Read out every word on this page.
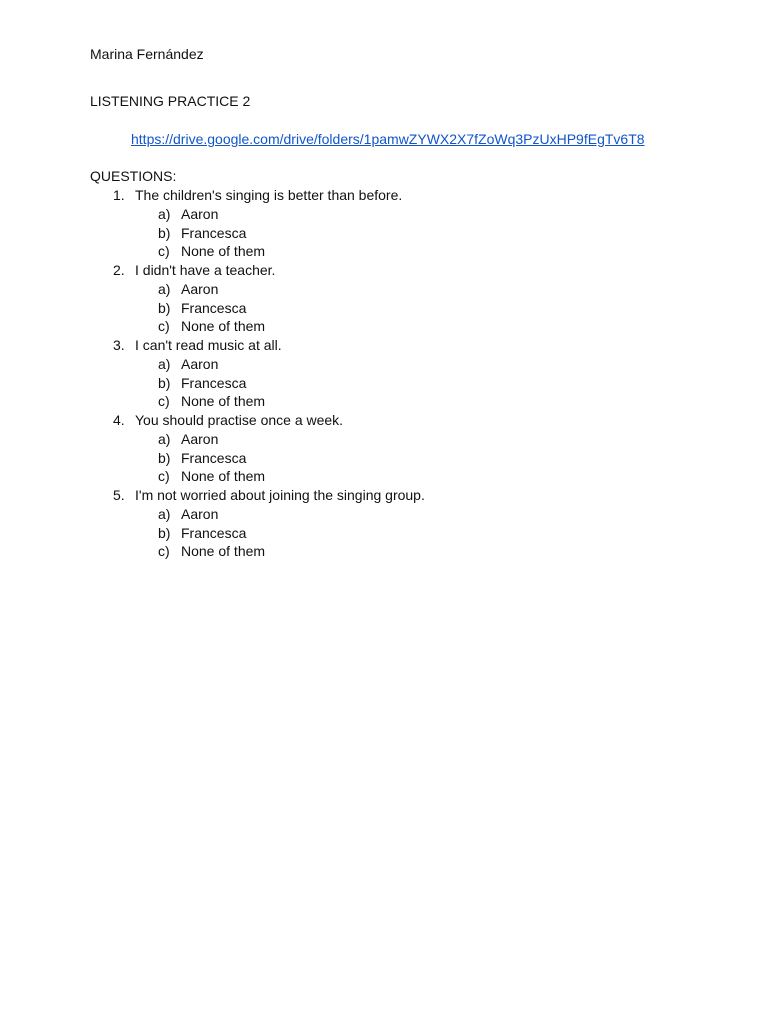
Marina Fernández
LISTENING PRACTICE 2
https://drive.google.com/drive/folders/1pamwZYWX2X7fZoWq3PzUxHP9fEgTv6T8
QUESTIONS:
1. The children's singing is better than before.
a) Aaron
b) Francesca
c) None of them
2. I didn't have a teacher.
a) Aaron
b) Francesca
c) None of them
3. I can't read music at all.
a) Aaron
b) Francesca
c) None of them
4. You should practise once a week.
a) Aaron
b) Francesca
c) None of them
5. I'm not worried about joining the singing group.
a) Aaron
b) Francesca
c) None of them
